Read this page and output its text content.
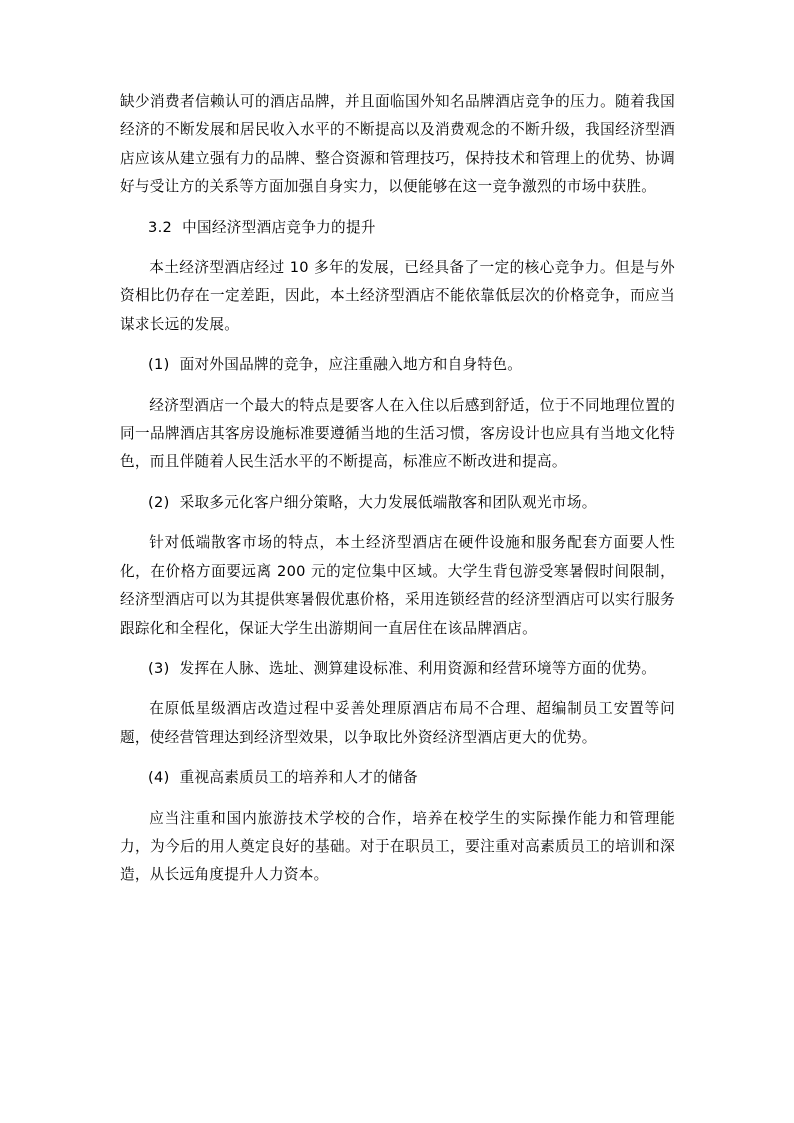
缺少消费者信赖认可的酒店品牌，并且面临国外知名品牌酒店竞争的压力。随着我国经济的不断发展和居民收入水平的不断提高以及消费观念的不断升级，我国经济型酒店应该从建立强有力的品牌、整合资源和管理技巧，保持技术和管理上的优势、协调好与受让方的关系等方面加强自身实力，以便能够在这一竞争激烈的市场中获胜。

3.2 中国经济型酒店竞争力的提升

本土经济型酒店经过 10 多年的发展，已经具备了一定的核心竞争力。但是与外资相比仍存在一定差距，因此，本土经济型酒店不能依靠低层次的价格竞争，而应当谋求长远的发展。

(1) 面对外国品牌的竞争，应注重融入地方和自身特色。

经济型酒店一个最大的特点是要客人在入住以后感到舒适，位于不同地理位置的同一品牌酒店其客房设施标准要遵循当地的生活习惯，客房设计也应具有当地文化特色，而且伴随着人民生活水平的不断提高，标准应不断改进和提高。

(2) 采取多元化客户细分策略，大力发展低端散客和团队观光市场。

针对低端散客市场的特点，本土经济型酒店在硬件设施和服务配套方面要人性化，在价格方面要远离 200 元的定位集中区域。大学生背包游受寒暑假时间限制，经济型酒店可以为其提供寒暑假优惠价格，采用连锁经营的经济型酒店可以实行服务跟踪化和全程化，保证大学生出游期间一直居住在该品牌酒店。

(3) 发挥在人脉、选址、测算建设标准、利用资源和经营环境等方面的优势。

在原低星级酒店改造过程中妥善处理原酒店布局不合理、超编制员工安置等问题，使经营管理达到经济型效果，以争取比外资经济型酒店更大的优势。

(4) 重视高素质员工的培养和人才的储备

应当注重和国内旅游技术学校的合作，培养在校学生的实际操作能力和管理能力，为今后的用人奠定良好的基础。对于在职员工，要注重对高素质员工的培训和深造，从长远角度提升人力资本。
